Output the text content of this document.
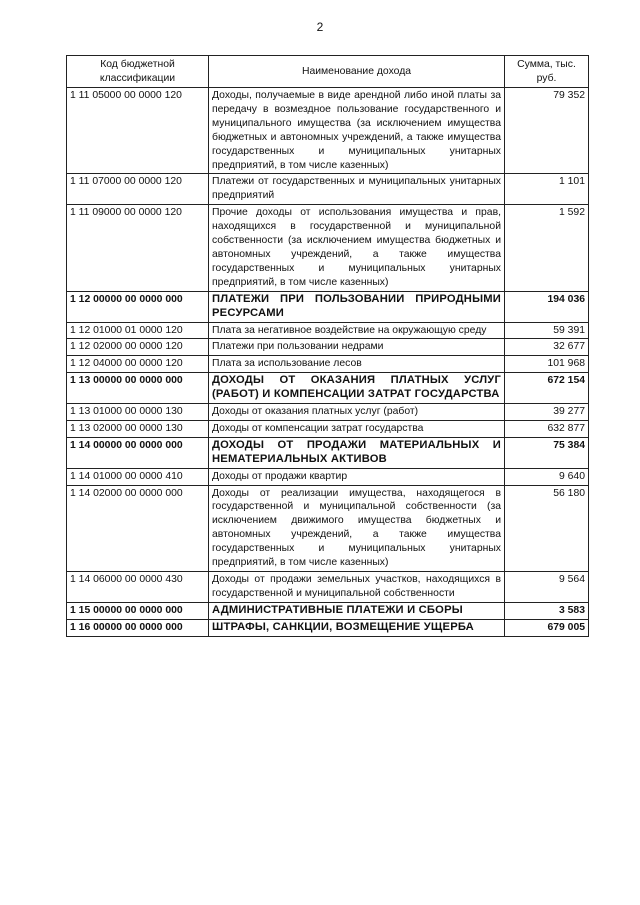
2
Код бюджетной классификации	Наименование дохода	Сумма, тыс. руб.
1 11 05000 00 0000 120	Доходы, получаемые в виде арендной либо иной платы за передачу в возмездное пользование государственного и муниципального имущества (за исключением имущества бюджетных и автономных учреждений, а также имущества государственных и муниципальных унитарных предприятий, в том числе казенных)	79 352
1 11 07000 00 0000 120	Платежи от государственных и муниципальных унитарных предприятий	1 101
1 11 09000 00 0000 120	Прочие доходы от использования имущества и прав, находящихся в государственной и муниципальной собственности (за исключением имущества бюджетных и автономных учреждений, а также имущества государственных и муниципальных унитарных предприятий, в том числе казенных)	1 592
1 12 00000 00 0000 000	ПЛАТЕЖИ ПРИ ПОЛЬЗОВАНИИ ПРИРОДНЫМИ РЕСУРСАМИ	194 036
1 12 01000 01 0000 120	Плата за негативное воздействие на окружающую среду	59 391
1 12 02000 00 0000 120	Платежи при пользовании недрами	32 677
1 12 04000 00 0000 120	Плата за использование лесов	101 968
1 13 00000 00 0000 000	ДОХОДЫ ОТ ОКАЗАНИЯ ПЛАТНЫХ УСЛУГ (РАБОТ) И КОМПЕНСАЦИИ ЗАТРАТ ГОСУДАРСТВА	672 154
1 13 01000 00 0000 130	Доходы от оказания платных услуг (работ)	39 277
1 13 02000 00 0000 130	Доходы от компенсации затрат государства	632 877
1 14 00000 00 0000 000	ДОХОДЫ ОТ ПРОДАЖИ МАТЕРИАЛЬНЫХ И НЕМАТЕРИАЛЬНЫХ АКТИВОВ	75 384
1 14 01000 00 0000 410	Доходы от продажи квартир	9 640
1 14 02000 00 0000 000	Доходы от реализации имущества, находящегося в государственной и муниципальной собственности (за исключением движимого имущества бюджетных и автономных учреждений, а также имущества государственных и муниципальных унитарных предприятий, в том числе казенных)	56 180
1 14 06000 00 0000 430	Доходы от продажи земельных участков, находящихся в государственной и муниципальной собственности	9 564
1 15 00000 00 0000 000	АДМИНИСТРАТИВНЫЕ ПЛАТЕЖИ И СБОРЫ	3 583
1 16 00000 00 0000 000	ШТРАФЫ, САНКЦИИ, ВОЗМЕЩЕНИЕ УЩЕРБА	679 005
